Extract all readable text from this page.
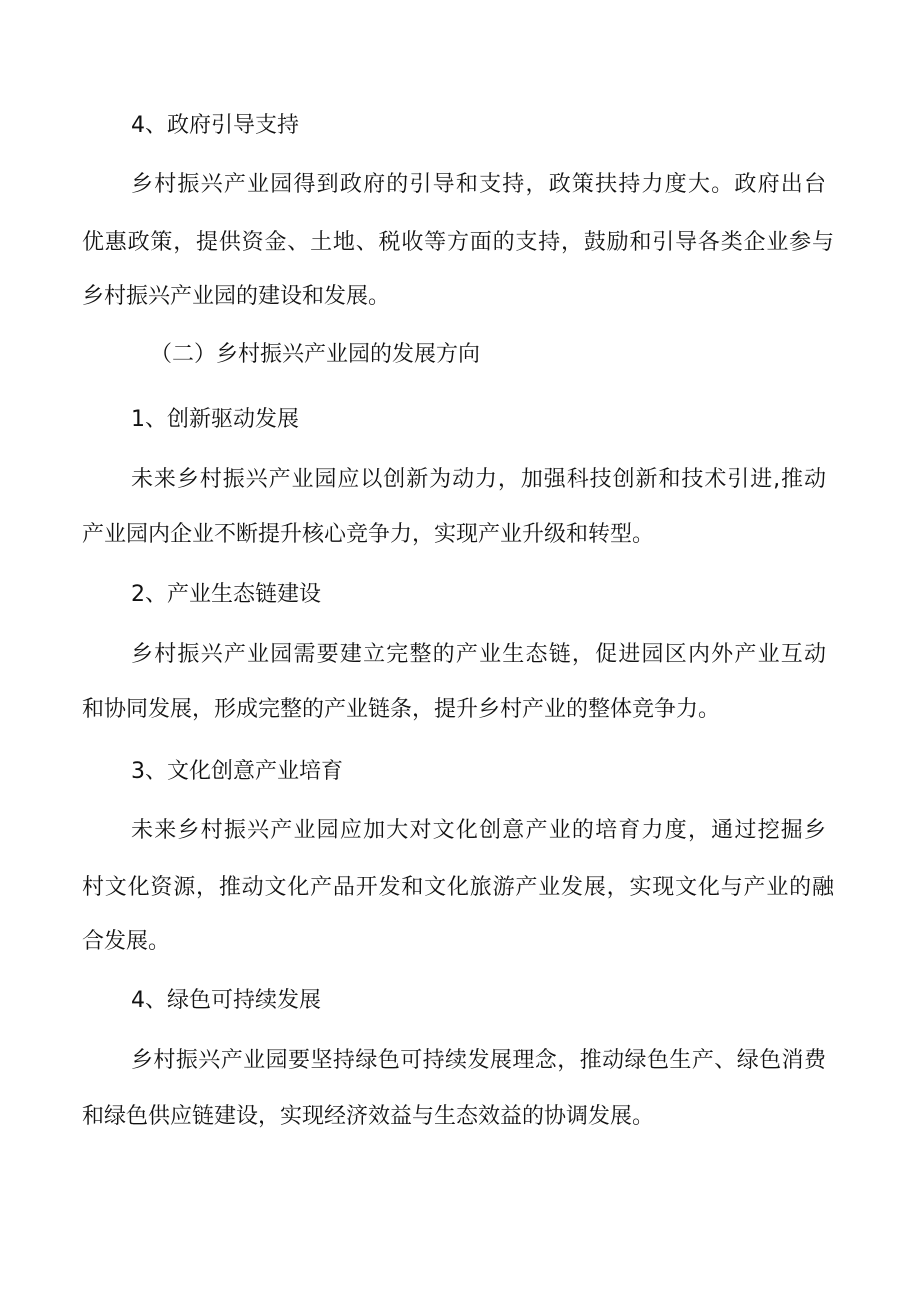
4、政府引导支持

乡村振兴产业园得到政府的引导和支持，政策扶持力度大。政府出台

优惠政策，提供资金、土地、税收等方面的支持，鼓励和引导各类企业参与

乡村振兴产业园的建设和发展。

（二）乡村振兴产业园的发展方向

1、创新驱动发展

未来乡村振兴产业园应以创新为动力，加强科技创新和技术引进,推动

产业园内企业不断提升核心竞争力，实现产业升级和转型。

2、产业生态链建设

乡村振兴产业园需要建立完整的产业生态链，促进园区内外产业互动

和协同发展，形成完整的产业链条，提升乡村产业的整体竞争力。

3、文化创意产业培育

未来乡村振兴产业园应加大对文化创意产业的培育力度，通过挖掘乡

村文化资源，推动文化产品开发和文化旅游产业发展，实现文化与产业的融

合发展。

4、绿色可持续发展

乡村振兴产业园要坚持绿色可持续发展理念，推动绿色生产、绿色消费

和绿色供应链建设，实现经济效益与生态效益的协调发展。
